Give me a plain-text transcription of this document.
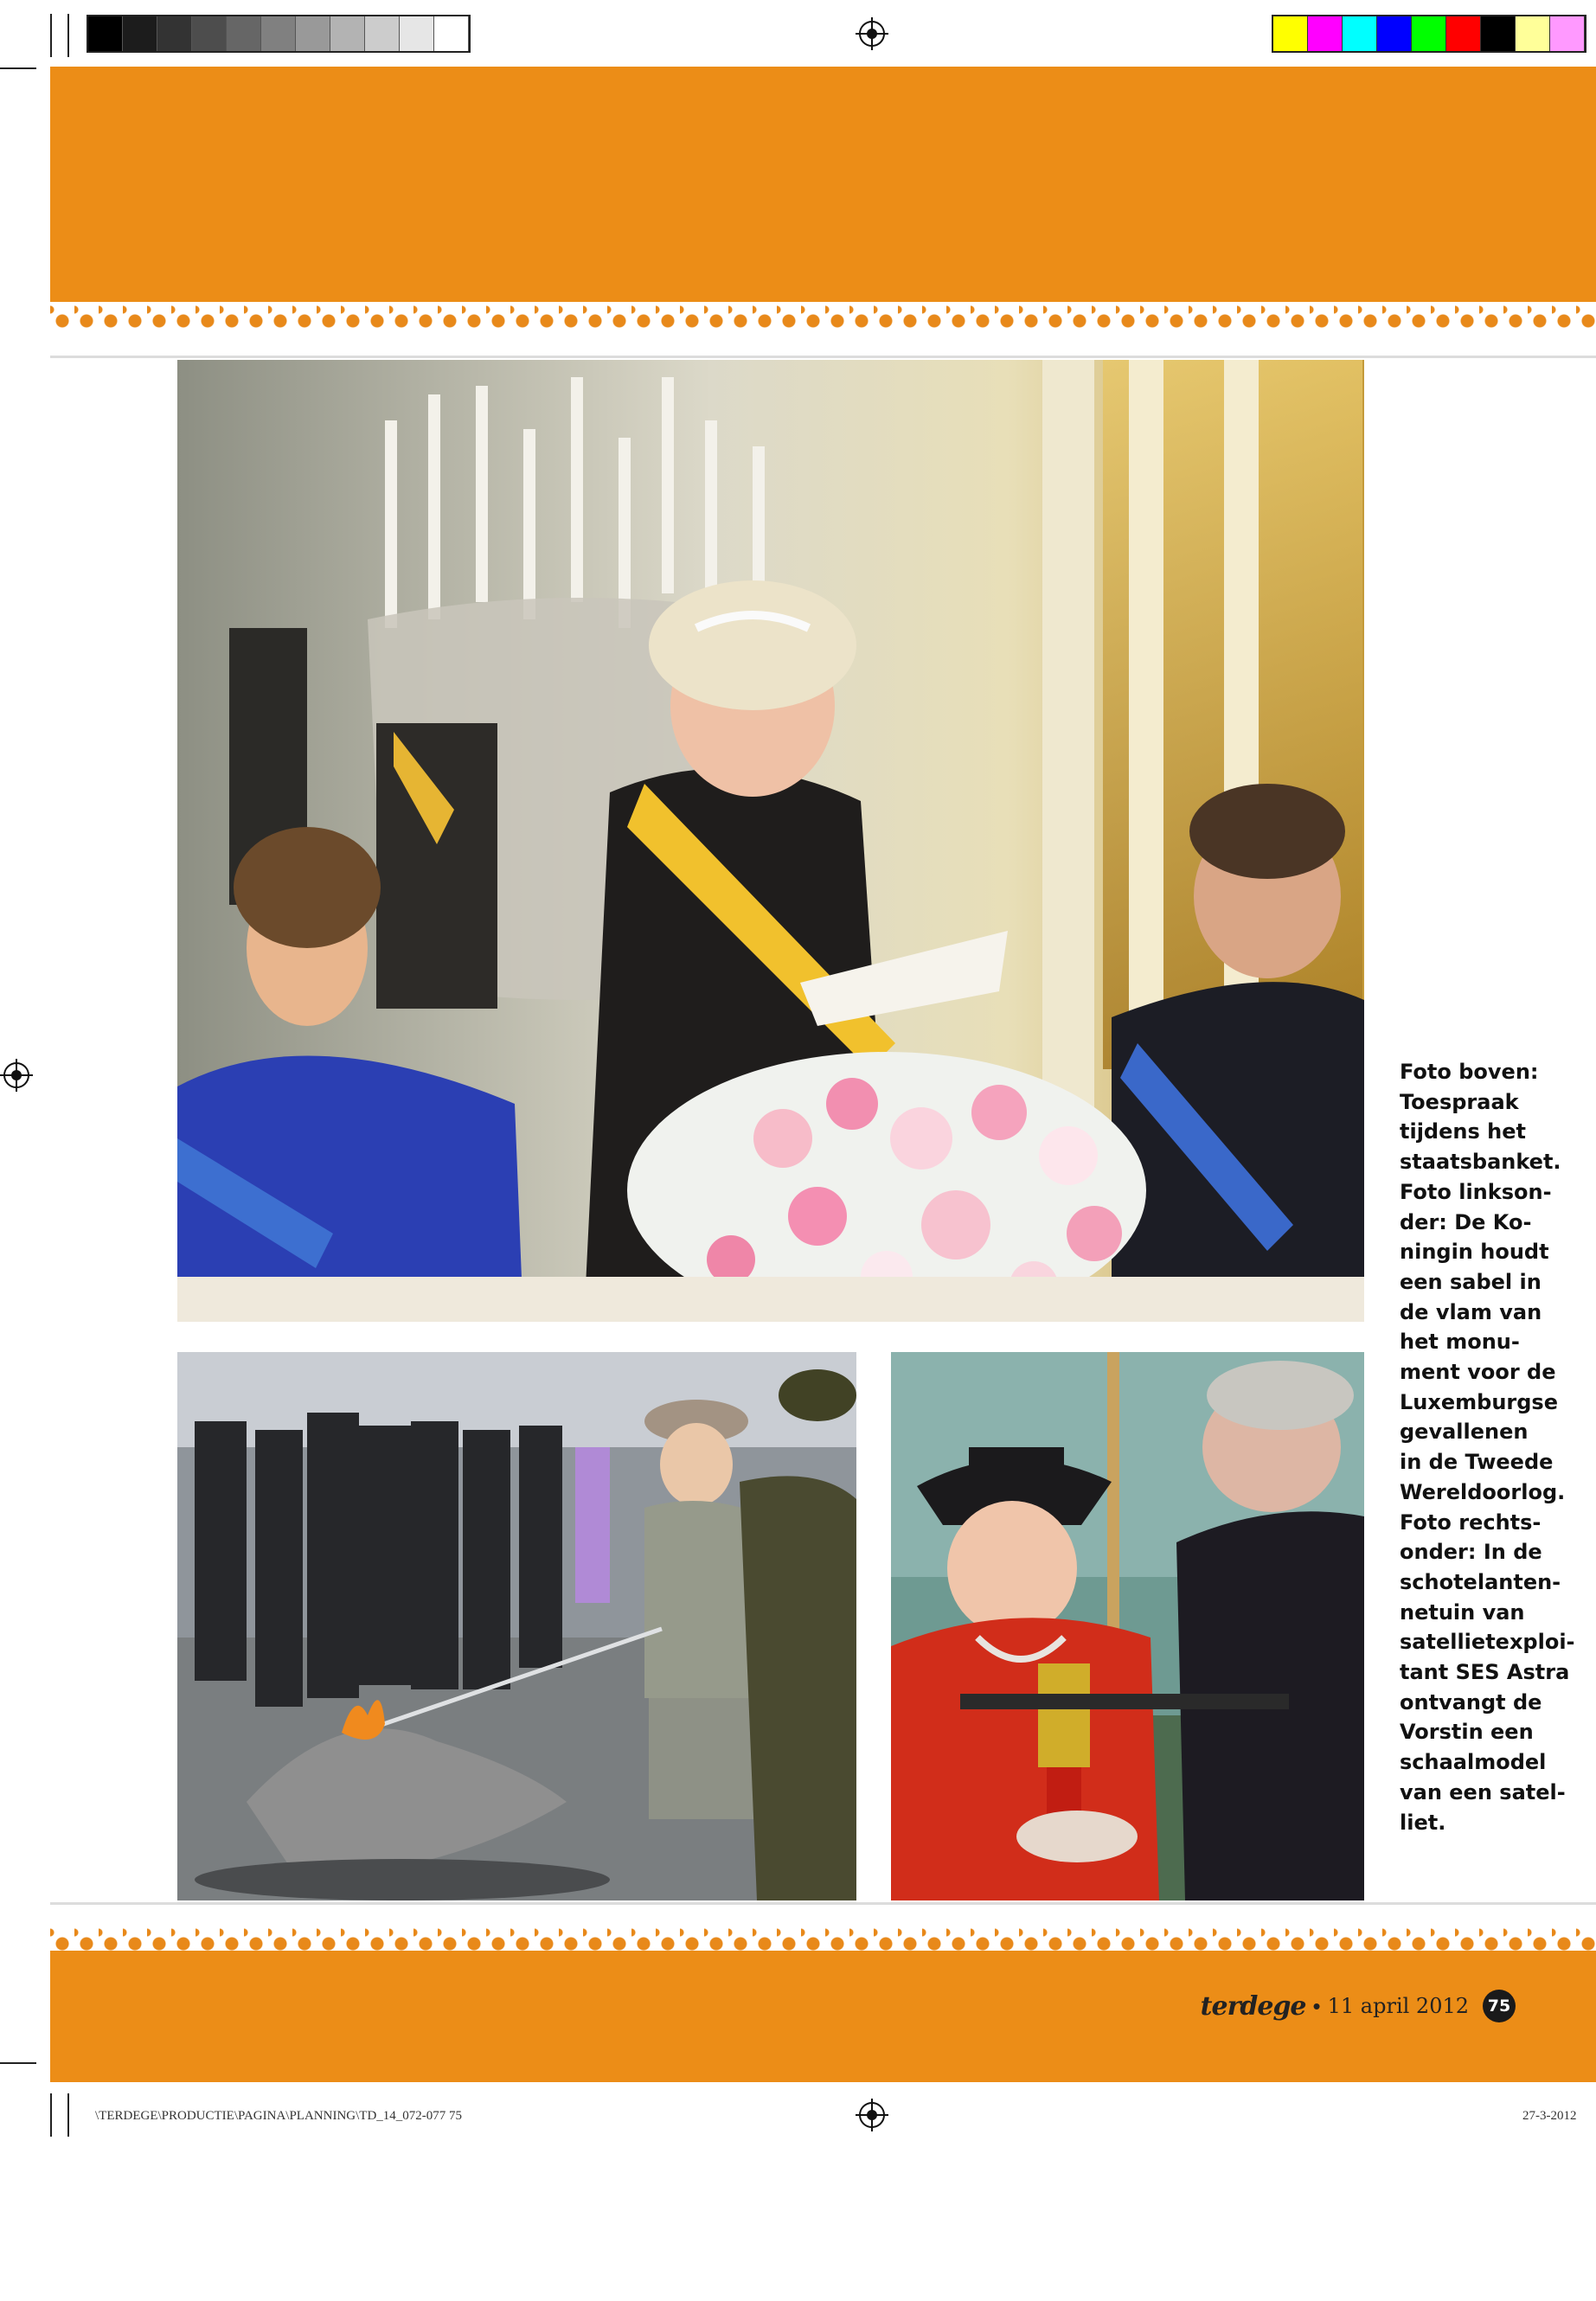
Foto boven:
Toespraak
tijdens het
staatsbanket.
Foto linkson-
der: De Ko-
ningin houdt
een sabel in
de vlam van
het monu-
ment voor de
Luxemburgse
gevallenen
in de Tweede
Wereldoorlog.
Foto rechts-
onder: In de
schotelanten-
netuin van
satellietexploi-
tant SES Astra
ontvangt de
Vorstin een
schaalmodel
van een satel-
liet.
terdege • 11 april 2012	75
\TERDEGE\PRODUCTIE\PAGINA\PLANNING\TD_14_072-077 75	27-3-2012
